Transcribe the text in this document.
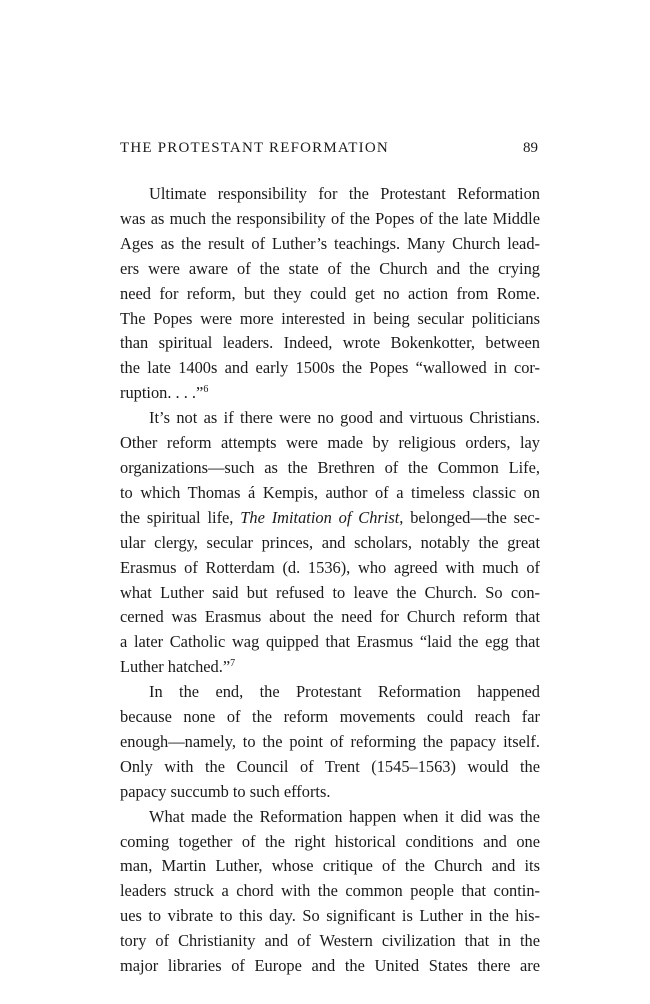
THE PROTESTANT REFORMATION	89
Ultimate responsibility for the Protestant Reformation
was as much the responsibility of the Popes of the late Middle
Ages as the result of Luther’s teachings. Many Church lead-
ers were aware of the state of the Church and the crying
need for reform, but they could get no action from Rome.
The Popes were more interested in being secular politicians
than spiritual leaders. Indeed, wrote Bokenkotter, between
the late 1400s and early 1500s the Popes “wallowed in cor-
ruption. . . .”$^6$
It’s not as if there were no good and virtuous Christians.
Other reform attempts were made by religious orders, lay
organizations—such as the Brethren of the Common Life,
to which Thomas á Kempis, author of a timeless classic on
the spiritual life, The Imitation of Christ, belonged—the sec-
ular clergy, secular princes, and scholars, notably the great
Erasmus of Rotterdam (d. 1536), who agreed with much of
what Luther said but refused to leave the Church. So con-
cerned was Erasmus about the need for Church reform that
a later Catholic wag quipped that Erasmus “laid the egg that
Luther hatched.”$^7$
In the end, the Protestant Reformation happened
because none of the reform movements could reach far
enough—namely, to the point of reforming the papacy itself.
Only with the Council of Trent (1545–1563) would the
papacy succumb to such efforts.
What made the Reformation happen when it did was the
coming together of the right historical conditions and one
man, Martin Luther, whose critique of the Church and its
leaders struck a chord with the common people that contin-
ues to vibrate to this day. So significant is Luther in the his-
tory of Christianity and of Western civilization that in the
major libraries of Europe and the United States there are
